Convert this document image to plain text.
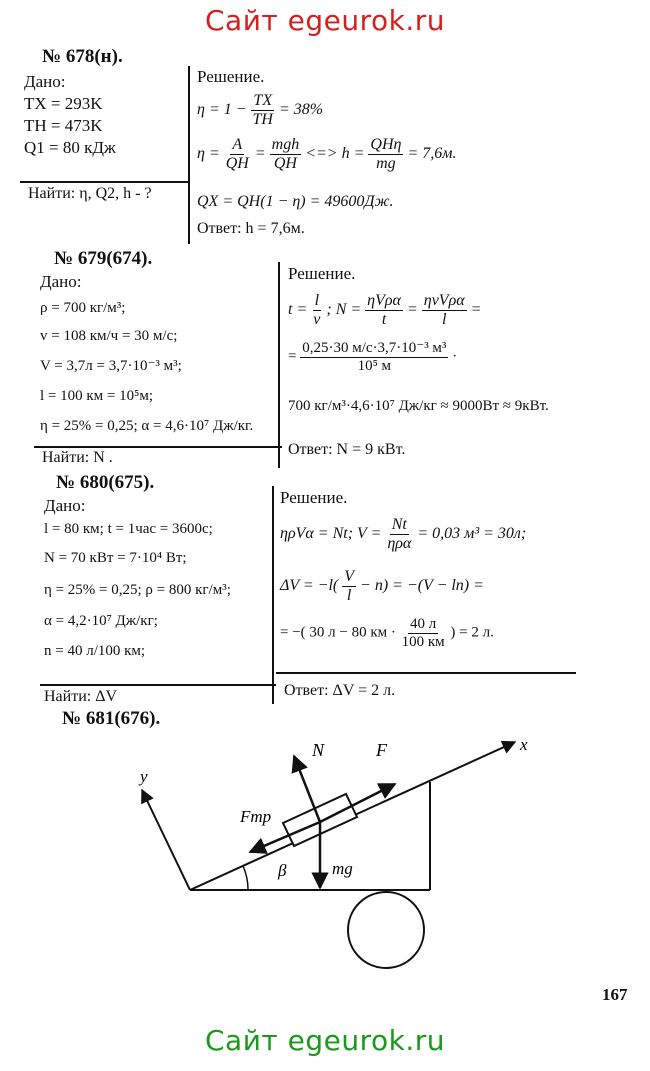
Сайт egeurok.ru
Сайт egeurok.ru
№ 678(н).
Дано:
TX = 293K
TH = 473K
Q1 = 80 кДж
Найти: η, Q2, h - ?
Решение.
$\eta = 1 - \frac{TX}{TH} = 38\%$
$\eta = \frac{A}{QH} = \frac{\text{mgh}}{QH}$ <=> $h = \frac{\text{QHη}}{mg} = 7,6м$.
QX = QH(1 − η) = 49600Дж.
Ответ: h = 7,6м.
№ 679(674).
Дано:
ρ = 700 кг/м³;
v = 108 км/ч = 30 м/с;
V = 3,7л = 3,7·10⁻³ м³;
l = 100 км = 10⁵м;
η = 25% = 0,25; α = 4,6·10⁷ Дж/кг.
Найти: N .
Решение.
$t = \frac{l}{v}$ ; $N = \frac{\text{ηVρα}}{t} = \frac{\text{ηvVρα}}{l}$ =
= $\frac{\text{0,25·30 м/с·3,7·10⁻³ м³}}{\text{10⁵ м}}$ ·
700 кг/м³·4,6·10⁷ Дж/кг ≈ 9000Вт ≈ 9кВт.
Ответ: N = 9 кВт.
№ 680(675).
Дано:
l = 80 км; t = 1час = 3600с;
N = 70 кВт = 7·10⁴ Вт;
η = 25% = 0,25; ρ = 800 кг/м³;
α = 4,2·10⁷ Дж/кг;
n = 40 л/100 км;
Найти: ΔV
Решение.
ηρVα = Nt; $V = \frac{Nt}{\text{ηρα}} = 0,03$ м³ = 30л;
$\Delta V = -l( \frac{V}{l} - n) = -(V - \ln)$ =
= −( 30 л − 80 км · $\frac{40 л}{100 км}$ ) = 2 л.
Ответ: ΔV = 2 л.
№ 681(676).
x
y
N	F
Fтр
β	mg
167
